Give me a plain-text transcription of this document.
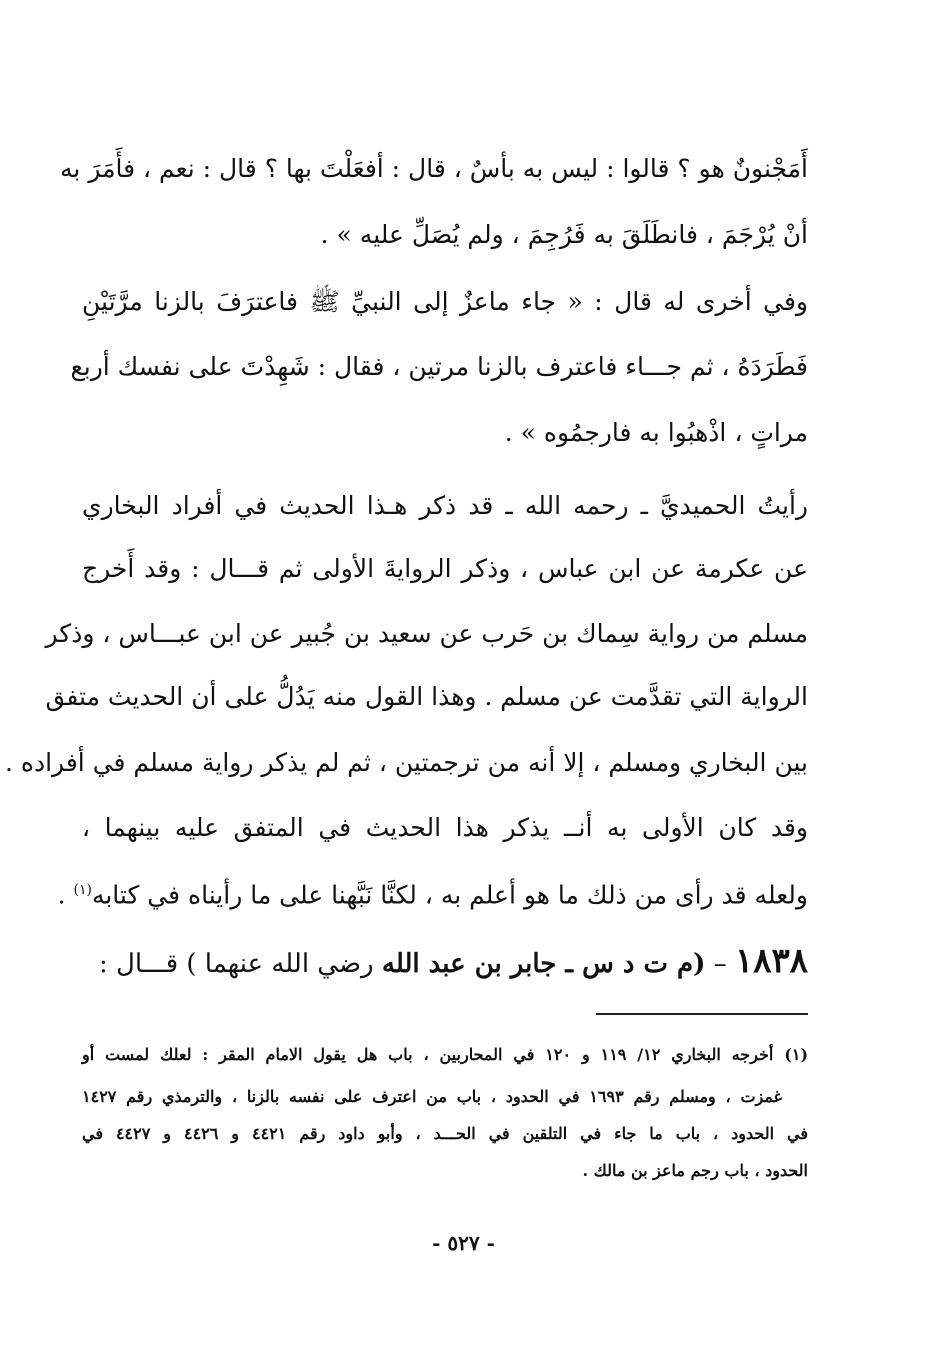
أَمَجْنونٌ هو ؟ قالوا : ليس به بأسٌ ، قال : أفعَلْتَ بها ؟ قال : نعم ، فأَمَرَ به
أنْ يُرْجَمَ ، فانطَلَقَ به فَرُجِمَ ، ولم يُصَلِّ عليه » .
وفي أخرى له قال : « جاء ماعزٌ إلى النبيِّ ﷺ فاعترَفَ بالزنا مرَّتَيْنِ
فَطَرَدَهُ ، ثم جـــاء فاعترف بالزنا مرتين ، فقال : شَهِدْتَ على نفسك أربع
مراتٍ ، اذْهبُوا به فارجمُوه » .
رأيتُ الحميديَّ ـ رحمه الله ـ قد ذكر هـذا الحديث في أفراد البخاري
عن عكرمة عن ابن عباس ، وذكر الروايةَ الأولى ثم قـــال : وقد أَخرج
مسلم من رواية سِماك بن حَرب عن سعيد بن جُبير عن ابن عبـــاس ، وذكر
الرواية التي تقدَّمت عن مسلم . وهذا القول منه يَدُلُّ على أن الحديث متفق
بين البخاري ومسلم ، إلا أنه من ترجمتين ، ثم لم يذكر رواية مسلم في أفراده .
وقد كان الأولى به أنــ يذكر هذا الحديث في المتفق عليه بينهما ،
ولعله قد رأى من ذلك ما هو أعلم به ، لكنَّا نَبَّهنا على ما رأيناه في كتابه$^{(١)}$ .
١٨٣٨ – (م ت د س ـ جابر بن عبد الله رضي الله عنهما ) قـــال :
(١) أخرجه البخاري ١٢/ ١١٩ و ١٢٠ في المحاربين ، باب هل يقول الامام المقر : لعلك لمست أو
غمزت ، ومسلم رقم ١٦٩٣ في الحدود ، باب من اعترف على نفسه بالزنا ، والترمذي رقم ١٤٢٧
في الحدود ، باب ما جاء في التلقين في الحـــد ، وأبو داود رقم ٤٤٢١ و ٤٤٢٦ و ٤٤٢٧ في
الحدود ، باب رجم ماعز بن مالك .
- ٥٢٧ -
